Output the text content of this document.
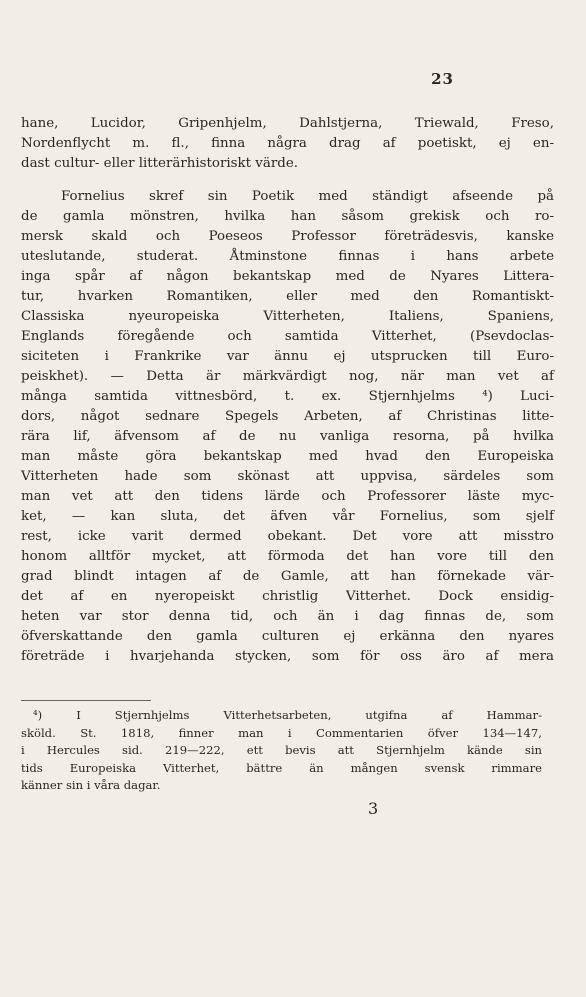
23
hane, Lucidor, Gripenhjelm, Dahlstjerna, Triewald, Freso,
Nordenflycht m. fl., finna några drag af poetiskt, ej en-
dast cultur- eller litterärhistoriskt värde.
Fornelius skref sin Poetik med ständigt afseende på
de gamla mönstren, hvilka han såsom grekisk och ro-
mersk skald och Poeseos Professor företrädesvis, kanske
uteslutande, studerat. Åtminstone finnas i hans arbete
inga spår af någon bekantskap med de Nyares Littera-
tur, hvarken Romantiken, eller med den Romantiskt-
Classiska nyeuropeiska Vitterheten, Italiens, Spaniens,
Englands föregående och samtida Vitterhet, (Psevdoclas-
siciteten i Frankrike var ännu ej utsprucken till Euro-
peiskhet). — Detta är märkvärdigt nog, när man vet af
många samtida vittnesbörd, t. ex. Stjernhjelms ⁴) Luci-
dors, något sednare Spegels Arbeten, af Christinas litte-
rära lif, äfvensom af de nu vanliga resorna, på hvilka
man måste göra bekantskap med hvad den Europeiska
Vitterheten hade som skönast att uppvisa, särdeles som
man vet att den tidens lärde och Professorer läste myc-
ket, — kan sluta, det äfven vår Fornelius, som sjelf
rest, icke varit dermed obekant. Det vore att misstro
honom alltför mycket, att förmoda det han vore till den
grad blindt intagen af de Gamle, att han förnekade vär-
det af en nyeropeiskt christlig Vitterhet. Dock ensidig-
heten var stor denna tid, och än i dag finnas de, som
öfverskattande den gamla culturen ej erkänna den nyares
företräde i hvarjehanda stycken, som för oss äro af mera
⁴) I Stjernhjelms Vitterhetsarbeten, utgifna af Hammar-
sköld. St. 1818, finner man i Commentarien öfver 134—147,
i Hercules sid. 219—222, ett bevis att Stjernhjelm kände sin
tids Europeiska Vitterhet, bättre än mången svensk rimmare
känner sin i våra dagar.
3
